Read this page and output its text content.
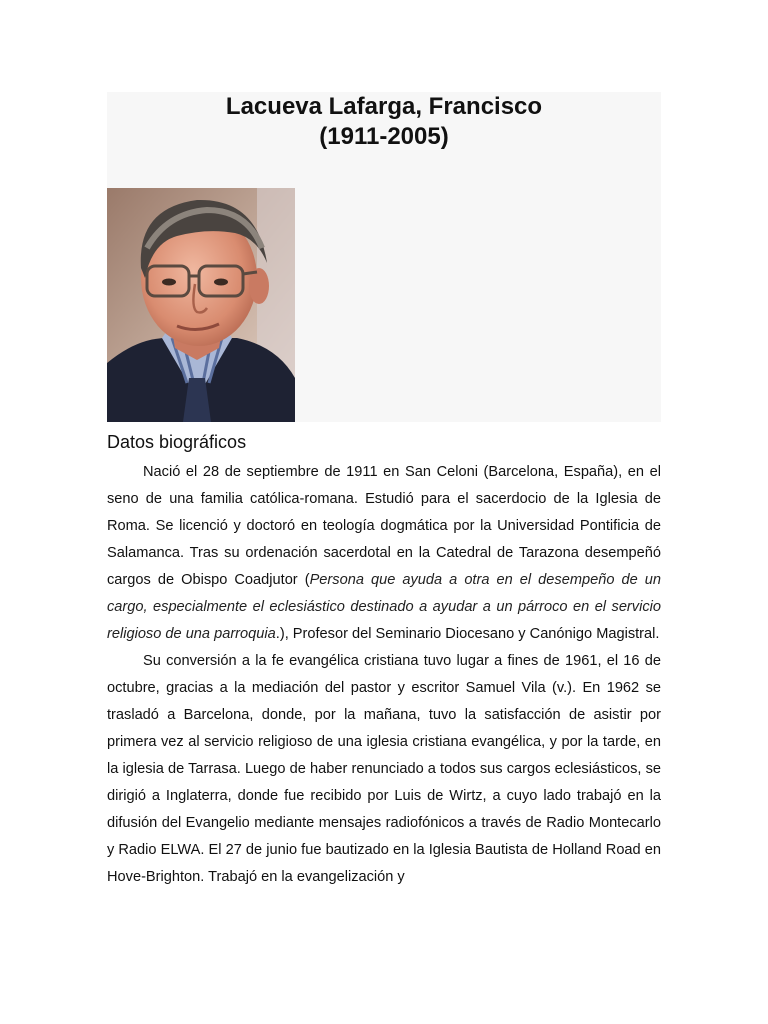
Lacueva Lafarga, Francisco
(1911-2005)
Datos biográficos

Nació el 28 de septiembre de 1911 en San Celoni (Barcelona, España), en el seno de una familia católica-romana. Estudió para el sacerdocio de la Iglesia de Roma. Se licenció y doctoró en teología dogmática por la Universidad Pontificia de Salamanca. Tras su ordenación sacerdotal en la Catedral de Tarazona desempeñó cargos de Obispo Coadjutor (Persona que ayuda a otra en el desempeño de un cargo, especialmente el eclesiástico destinado a ayudar a un párroco en el servicio religioso de una parroquia.), Profesor del Seminario Diocesano y Canónigo Magistral.

Su conversión a la fe evangélica cristiana tuvo lugar a fines de 1961, el 16 de octubre, gracias a la mediación del pastor y escritor Samuel Vila (v.). En 1962 se trasladó a Barcelona, donde, por la mañana, tuvo la satisfacción de asistir por primera vez al servicio religioso de una iglesia cristiana evangélica, y por la tarde, en la iglesia de Tarrasa. Luego de haber renunciado a todos sus cargos eclesiásticos, se dirigió a Inglaterra, donde fue recibido por Luis de Wirtz, a cuyo lado trabajó en la difusión del Evangelio mediante mensajes radiofónicos a través de Radio Montecarlo y Radio ELWA. El 27 de junio fue bautizado en la Iglesia Bautista de Holland Road en Hove-Brighton. Trabajó en la evangelización y
